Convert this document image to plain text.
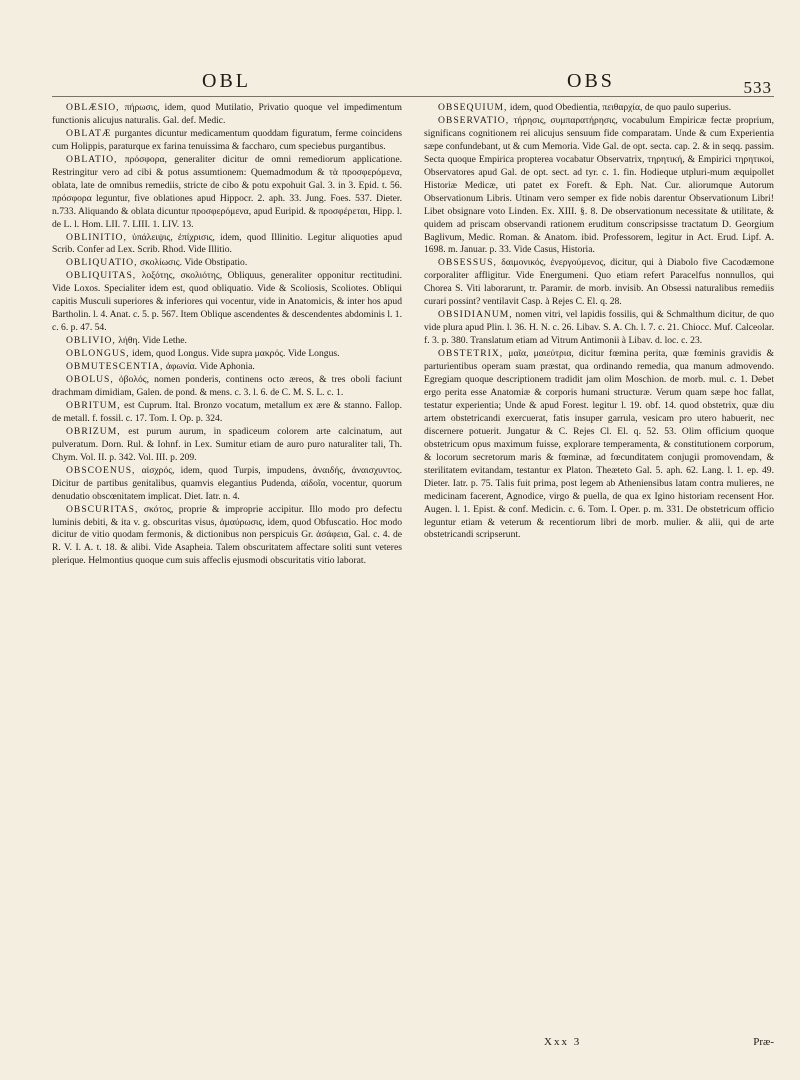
OBL	OBS	533

OBLÆSIO, πήρωσις, idem, quod Mutilatio, Privatio quoque vel impedimentum functionis alicujus naturalis. Gal. def. Medic.

OBLATÆ purgantes dicuntur medicamentum quoddam figuratum, ferme coincidens cum Holippis, paraturque ex farina tenuissima & faccharo, cum speciebus purgantibus.

OBLATIO, πρόσφορα, generaliter dicitur de omni remediorum applicatione. Restringitur vero ad cibi & potus assumtionem: Quemadmodum & τὰ προσφερόμενα, oblata, late de omnibus remediis, stricte de cibo & potu expohuit Gal. 3. in 3. Epid. t. 56. πρόσφορα leguntur, five oblationes apud Hippocr. 2. aph. 33. Jung. Foes. 537. Dieter. n.733. Aliquando & oblata dicuntur προσφερόμενα, apud Euripid. & προσφέρεται, Hipp. l. de L. l. Hom. LII. 7. LIII. 1. LIV. 13.

OBLINITIO, ὑπάλειψις, ἐπίχρισις, idem, quod Illinitio. Legitur aliquoties apud Scrib. Confer ad Lex. Scrib. Rhod. Vide Illitio.

OBLIQUATIO, σκολίωσις. Vide Obstipatio.

OBLIQUITAS, λοξότης, σκολιότης, Obliquus, generaliter opponitur rectitudini. Vide Loxos. Specialiter idem est, quod obliquatio. Vide & Scoliosis, Scoliotes. Obliqui capitis Musculi superiores & inferiores qui vocentur, vide in Anatomicis, & inter hos apud Bartholin. l. 4. Anat. c. 5. p. 567. Item Oblique ascendentes & descendentes abdominis l. 1. c. 6. p. 47. 54.

OBLIVIO, λήθη. Vide Lethe.

OBLONGUS, idem, quod Longus. Vide supra μακρός. Vide Longus.

OBMUTESCENTIA, ἀφωνία. Vide Aphonia.

OBOLUS, ὀβολός, nomen ponderis, continens octo æreos, & tres oboli faciunt drachmam dimidiam, Galen. de pond. & mens. c. 3. l. 6. de C. M. S. L. c. 1.

OBRITUM, est Cuprum. Ital. Bronzo vocatum, metallum ex ære & stanno. Fallop. de metall. f. fossil. c. 17. Tom. I. Op. p. 324.

OBRIZUM, est purum aurum, in spadiceum colorem arte calcinatum, aut pulveratum. Dorn. Rul. & Iohnf. in Lex. Sumitur etiam de auro puro naturaliter tali, Th. Chym. Vol. II. p. 342. Vol. III. p. 209.

OBSCOENUS, αἰσχρός, idem, quod Turpis, impudens, ἀναιδής, ἀναισχυντος. Dicitur de partibus genitalibus, quamvis elegantius Pudenda, αἰδοῖα, vocentur, quorum denudatio obscœnitatem implicat. Diet. Iatr. n. 4.

OBSCURITAS, σκότος, proprie & improprie accipitur. Illo modo pro defectu luminis debiti, & ita v. g. obscuritas visus, ἀμαύρωσις, idem, quod Obfuscatio. Hoc modo dicitur de vitio quodam fermonis, & dictionibus non perspicuis Gr. ἀσάφεια, Gal. c. 4. de R. V. I. A. t. 18. & alibi. Vide Asapheia. Talem obscuritatem affectare soliti sunt veteres plerique. Helmontius quoque cum suis affeclis ejusmodi obscuritatis vitio laborat.

OBSEQUIUM, idem, quod Obedientia, πειθαρχία, de quo paulo superius.

OBSERVATIO, τήρησις, συμπαρατήρησις, vocabulum Empiricæ fectæ proprium, significans cognitionem rei alicujus sensuum fide comparatam. Unde & cum Experientia sæpe confundebant, ut & cum Memoria. Vide Gal. de opt. secta. cap. 2. & in seqq. passim. Secta quoque Empirica propterea vocabatur Observatrix, τηρητική, & Empirici τηρητικοί, Observatores apud Gal. de opt. sect. ad tyr. c. 1. fin. Hodieque utpluri-mum æquipollet Historiæ Medicæ, uti patet ex Foreft. & Eph. Nat. Cur. aliorumque Autorum Observationum Libris. Utinam vero semper ex fide nobis darentur Observationum Libri! Libet obsignare voto Linden. Ex. XIII. §. 8. De observationum necessitate & utilitate, & quidem ad priscam observandi rationem eruditum conscripsisse tractatum D. Georgium Baglivum, Medic. Roman. & Anatom. ibid. Professorem, legitur in Act. Erud. Lipf. A. 1698. m. Januar. p. 33. Vide Casus, Historia.

OBSESSUS, δαιμονικός, ἐνεργούμενος, dicitur, qui à Diabolo five Cacodæmone corporaliter affligitur. Vide Energumeni. Quo etiam refert Paracelfus nonnullos, qui Chorea S. Viti laborarunt, tr. Paramir. de morb. invisib. An Obsessi naturalibus remediis curari possint? ventilavit Casp. à Rejes C. El. q. 28.

OBSIDIANUM, nomen vitri, vel lapidis fossilis, qui & Schmalthum dicitur, de quo vide plura apud Plin. l. 36. H. N. c. 26. Libav. S. A. Ch. l. 7. c. 21. Chiocc. Muf. Calceolar. f. 3. p. 380. Translatum etiam ad Vitrum Antimonii à Libav. d. loc. c. 23.

OBSTETRIX, μαῖα, μαιεύτρια, dicitur fœmina perita, quæ fœminis gravidis & parturientibus operam suam præstat, qua ordinando remedia, qua manum admovendo. Egregiam quoque descriptionem tradidit jam olim Moschion. de morb. mul. c. 1. Debet ergo perita esse Anatomiæ & corporis humani structuræ. Verum quam sæpe hoc fallat, testatur experientia; Unde & apud Forest. legitur l. 19. obf. 14. quod obstetrix, quæ diu artem obstetricandi exercuerat, fatis insuper garrula, vesicam pro utero habuerit, nec discernere potuerit. Jungatur & C. Rejes Cl. El. q. 52. 53. Olim officium quoque obstetricum opus maximum fuisse, explorare temperamenta, & constitutionem corporum, & locorum secretorum maris & fœminæ, ad fœcunditatem conjugii promovendam, & sterilitatem evitandam, testantur ex Platon. Theæteto Gal. 5. aph. 62. Lang. l. 1. ep. 49. Dieter. Iatr. p. 75. Talis fuit prima, post legem ab Atheniensibus latam contra mulieres, ne medicinam facerent, Agnodice, virgo & puella, de qua ex Igino historiam recensent Hor. Augen. l. 1. Epist. & conf. Medicin. c. 6. Tom. I. Oper. p. m. 331. De obstetricum officio leguntur etiam & veterum & recentiorum libri de morb. mulier. & alii, qui de arte obstetricandi scripserunt.

Xxx 3	Præ-
